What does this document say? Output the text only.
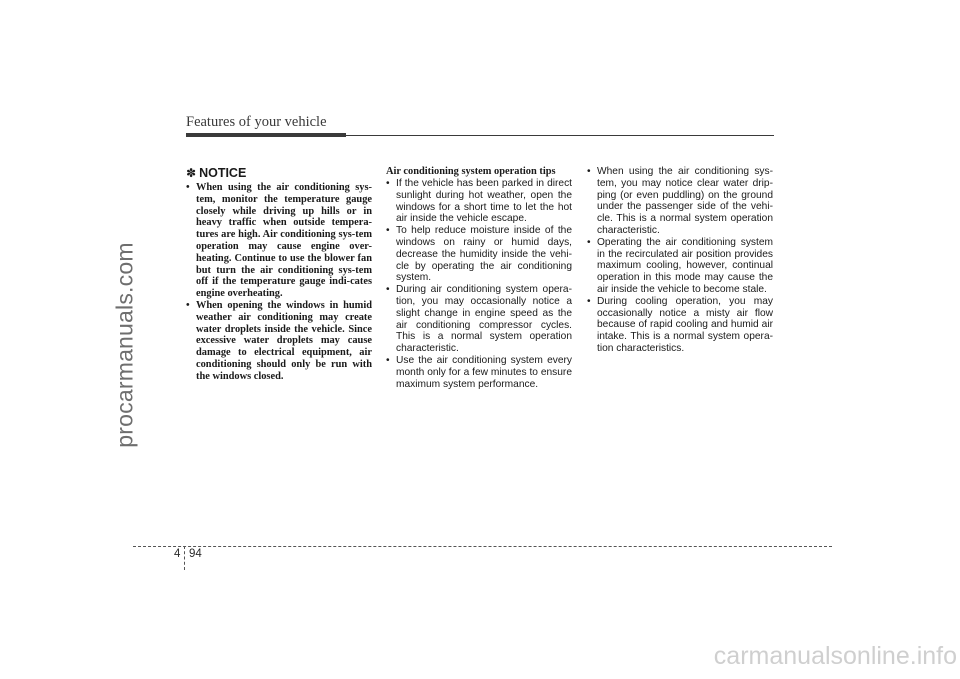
procarmanuals.com
Features of your vehicle
✽ NOTICE
• When using the air conditioning sys-tem, monitor the temperature gauge closely while driving up hills or in heavy traffic when outside tempera-tures are high. Air conditioning sys-tem operation may cause engine over-heating. Continue to use the blower fan but turn the air conditioning sys-tem off if the temperature gauge indi-cates engine overheating.
• When opening the windows in humid weather air conditioning may create water droplets inside the vehicle. Since excessive water droplets may cause damage to electrical equipment, air conditioning should only be run with the windows closed.
Air conditioning system operation tips
• If the vehicle has been parked in direct sunlight during hot weather, open the windows for a short time to let the hot air inside the vehicle escape.
• To help reduce moisture inside of the windows on rainy or humid days, decrease the humidity inside the vehi-cle by operating the air conditioning system.
• During air conditioning system opera-tion, you may occasionally notice a slight change in engine speed as the air conditioning compressor cycles. This is a normal system operation characteristic.
• Use the air conditioning system every month only for a few minutes to ensure maximum system performance.
• When using the air conditioning sys-tem, you may notice clear water drip-ping (or even puddling) on the ground under the passenger side of the vehi-cle. This is a normal system operation characteristic.
• Operating the air conditioning system in the recirculated air position provides maximum cooling, however, continual operation in this mode may cause the air inside the vehicle to become stale.
• During cooling operation, you may occasionally notice a misty air flow because of rapid cooling and humid air intake. This is a normal system opera-tion characteristics.
4 94
carmanualsonline.info
